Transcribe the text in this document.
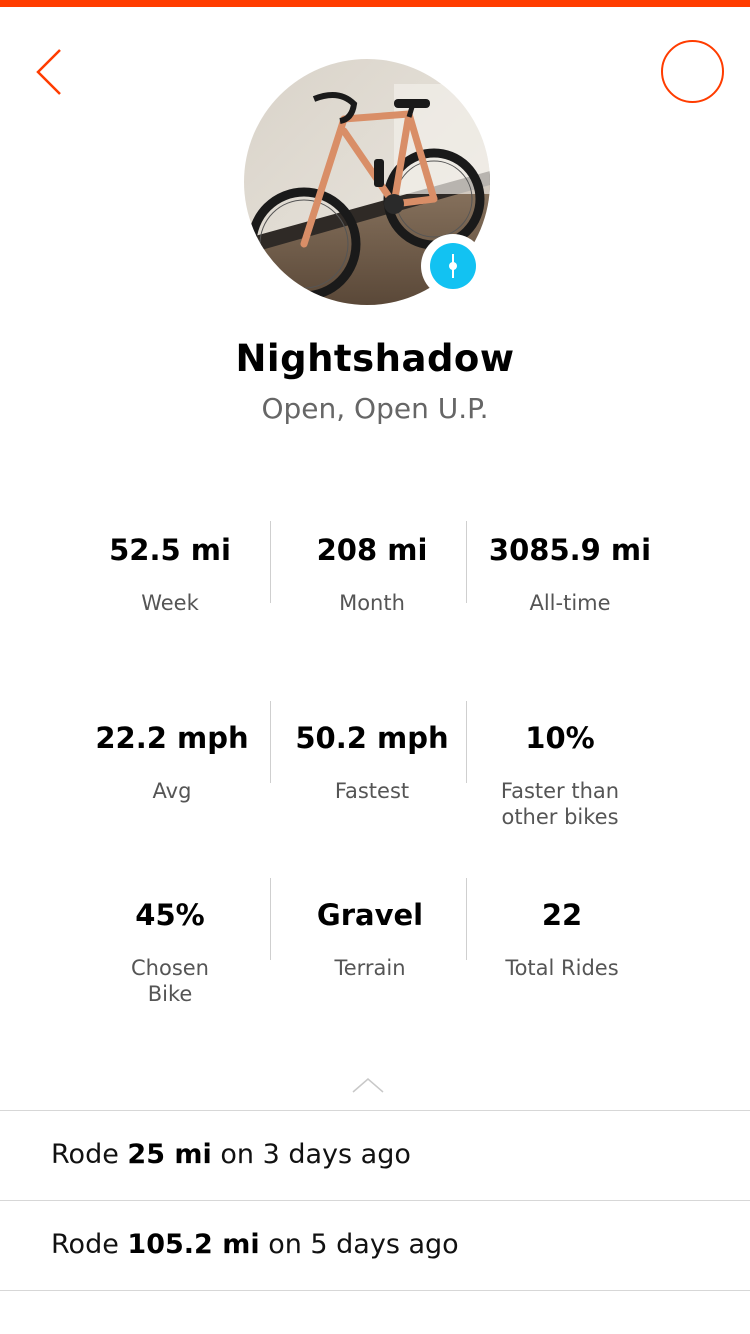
Nightshadow
Open, Open U.P.
52.5 mi
Week
208 mi
Month
3085.9 mi
All-time
22.2 mph
Avg
50.2 mph
Fastest
10%
Faster than
other bikes
45%
Chosen
Bike
Gravel
Terrain
22
Total Rides
Rode 25 mi on 3 days ago
Rode 105.2 mi on 5 days ago
